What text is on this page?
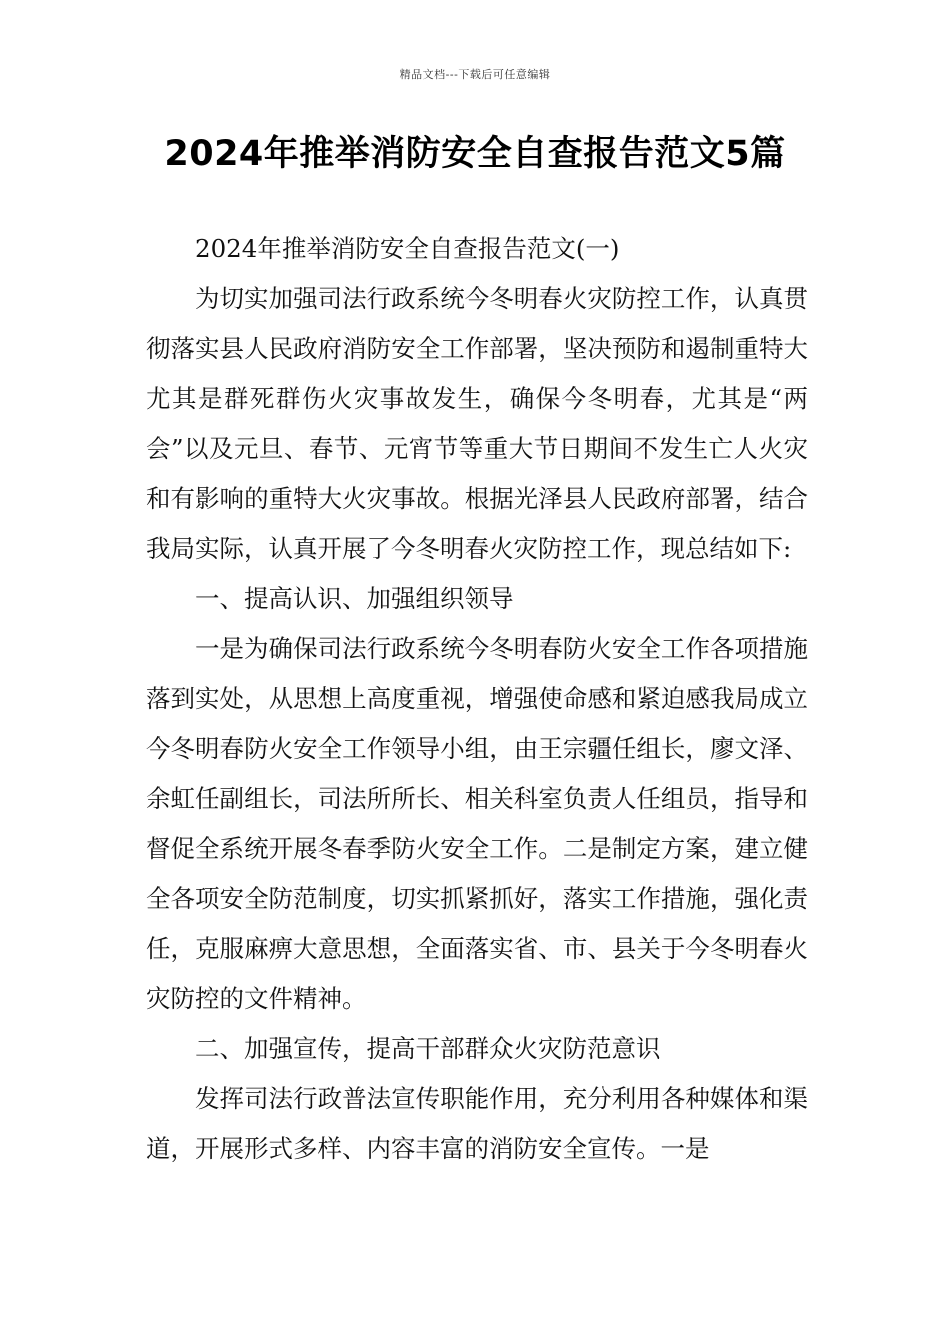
精品文档---下载后可任意编辑
2024年推举消防安全自查报告范文5篇

2024年推举消防安全自查报告范文(一)

为切实加强司法行政系统今冬明春火灾防控工作，认真贯彻落实县人民政府消防安全工作部署，坚决预防和遏制重特大尤其是群死群伤火灾事故发生，确保今冬明春，尤其是“两会”以及元旦、春节、元宵节等重大节日期间不发生亡人火灾和有影响的重特大火灾事故。根据光泽县人民政府部署，结合我局实际，认真开展了今冬明春火灾防控工作，现总结如下:

一、提高认识、加强组织领导

一是为确保司法行政系统今冬明春防火安全工作各项措施落到实处，从思想上高度重视，增强使命感和紧迫感我局成立今冬明春防火安全工作领导小组，由王宗疆任组长，廖文泽、余虹任副组长，司法所所长、相关科室负责人任组员，指导和督促全系统开展冬春季防火安全工作。二是制定方案，建立健全各项安全防范制度，切实抓紧抓好，落实工作措施，强化责任，克服麻痹大意思想，全面落实省、市、县关于今冬明春火灾防控的文件精神。

二、加强宣传，提高干部群众火灾防范意识

发挥司法行政普法宣传职能作用，充分利用各种媒体和渠道，开展形式多样、内容丰富的消防安全宣传。一是
